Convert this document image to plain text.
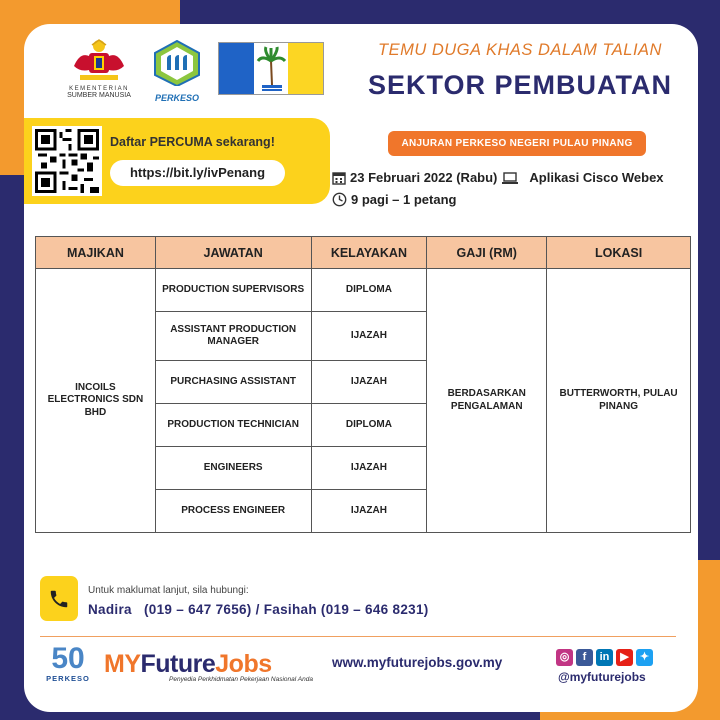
KEMENTERIAN
SUMBER MANUSIA	PERKESO
TEMU DUGA KHAS DALAM TALIAN
SEKTOR PEMBUATAN
Daftar PERCUMA sekarang!
https://bit.ly/ivPenang
ANJURAN PERKESO NEGERI PULAU PINANG
23 Februari 2022 (Rabu) Aplikasi Cisco Webex
9 pagi – 1 petang
MAJIKAN	JAWATAN	KELAYAKAN	GAJI (RM)	LOKASI
INCOILS ELECTRONICS SDN BHD	PRODUCTION SUPERVISORS	DIPLOMA	BERDASARKAN PENGALAMAN	BUTTERWORTH, PULAU PINANG
	ASSISTANT PRODUCTION MANAGER	IJAZAH		
	PURCHASING ASSISTANT	IJAZAH		
	PRODUCTION TECHNICIAN	DIPLOMA		
	ENGINEERS	IJAZAH		
	PROCESS ENGINEER	IJAZAH		
Untuk maklumat lanjut, sila hubungi:
Nadira   (019 – 647 7656) / Fasihah (019 – 646 8231)
50
PERKESO
MYFutureJobs
Penyedia Perkhidmatan Pekerjaan Nasional Anda
www.myfuturejobs.gov.my	◎	f	in ▶	✦
@myfuturejobs
